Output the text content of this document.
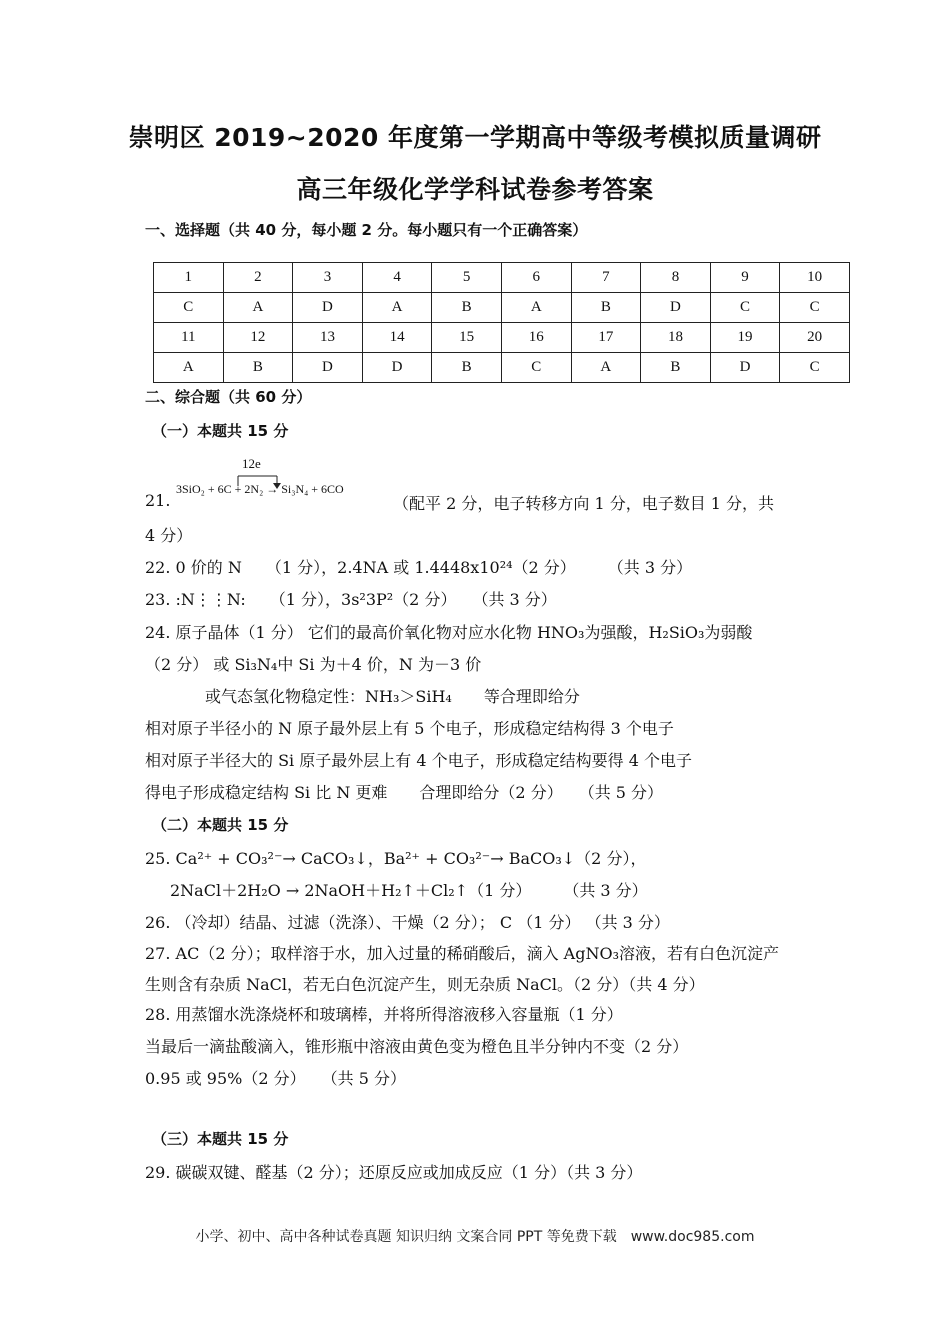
崇明区 2019~2020 年度第一学期高中等级考模拟质量调研
高三年级化学学科试卷参考答案
一、选择题（共 40 分，每小题 2 分。每小题只有一个正确答案）
1	2	3	4	5	6	7	8	9	10
C	A	D	A	B	A	B	D	C	C
11	12	13	14	15	16	17	18	19	20
A	B	D	D	B	C	A	B	D	C
二、综合题（共 60 分）
（一）本题共 15 分
21.
12e
3SiO₂ + 6C + 2N₂ → Si₃N₄ + 6CO
（配平 2 分，电子转移方向 1 分，电子数目 1 分，共
4 分）
22. 0 价的 N　　（1 分），2.4NA 或 1.4448x10²⁴（2 分）　　　（共 3 分）
23. :N⋮⋮N:　　（1 分），3s²3P²（2 分）　　（共 3 分）
24. 原子晶体（1 分） 它们的最高价氧化物对应水化物 HNO₃为强酸，H₂SiO₃为弱酸
（2 分） 或 Si₃N₄中 Si 为＋4 价，N 为－3 价
或气态氢化物稳定性：NH₃＞SiH₄　　等合理即给分
相对原子半径小的 N 原子最外层上有 5 个电子，形成稳定结构得 3 个电子
相对原子半径大的 Si 原子最外层上有 4 个电子，形成稳定结构要得 4 个电子
得电子形成稳定结构 Si 比 N 更难　　合理即给分（2 分）　　（共 5 分）
（二）本题共 15 分
25. Ca²⁺ + CO₃²⁻→ CaCO₃↓，Ba²⁺ + CO₃²⁻→ BaCO₃↓（2 分），
2NaCl＋2H₂O → 2NaOH＋H₂↑＋Cl₂↑（1 分）　　　（共 3 分）
26. （冷却）结晶、过滤（洗涤）、干燥（2 分）； C （1 分） （共 3 分）
27. AC（2 分）；取样溶于水，加入过量的稀硝酸后，滴入 AgNO₃溶液，若有白色沉淀产
生则含有杂质 NaCl，若无白色沉淀产生，则无杂质 NaCl。（2 分）（共 4 分）
28. 用蒸馏水洗涤烧杯和玻璃棒，并将所得溶液移入容量瓶（1 分）
当最后一滴盐酸滴入，锥形瓶中溶液由黄色变为橙色且半分钟内不变（2 分）
0.95 或 95%（2 分）　　（共 5 分）
（三）本题共 15 分
29. 碳碳双键、醛基（2 分）；还原反应或加成反应（1 分）（共 3 分）
小学、初中、高中各种试卷真题 知识归纳 文案合同 PPT 等免费下载　www.doc985.com
